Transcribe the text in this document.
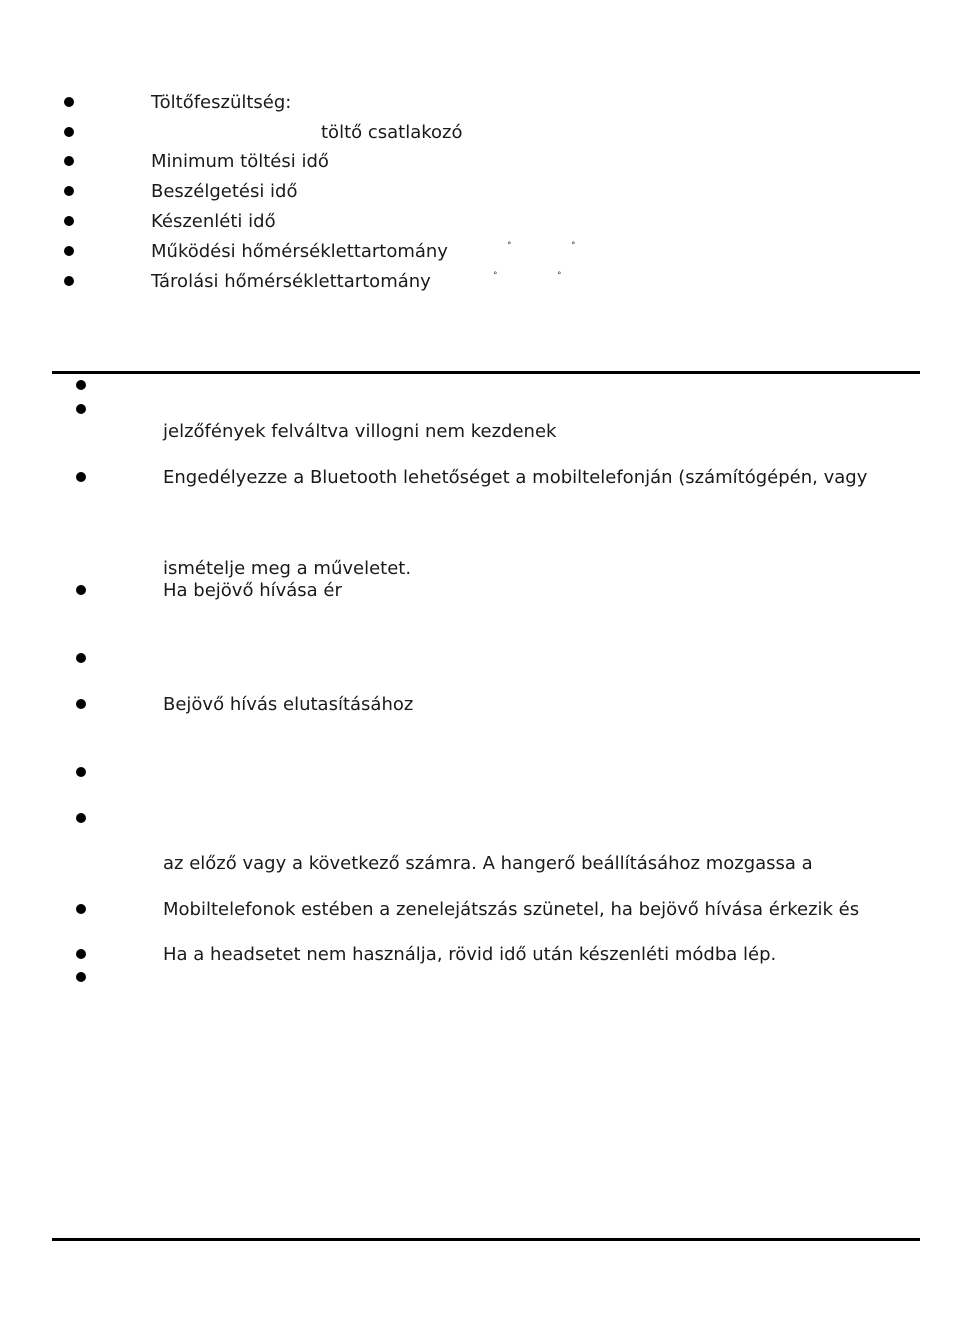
Töltőfeszültség:
töltő csatlakozó
Minimum töltési idő
Beszélgetési idő
Készenléti idő
Működési hőmérséklettartomány	°	°
Tárolási hőmérséklettartomány	°	°
jelzőfények felváltva villogni nem kezdenek
Engedélyezze a Bluetooth lehetőséget a mobiltelefonján (számítógépén, vagy
ismételje meg a műveletet.
Ha bejövő hívása ér
Bejövő hívás elutasításához
az előző vagy a következő számra. A hangerő beállításához mozgassa a
Mobiltelefonok estében a zenelejátszás szünetel, ha bejövő hívása érkezik és
Ha a headsetet nem használja, rövid idő után készenléti módba lép.
